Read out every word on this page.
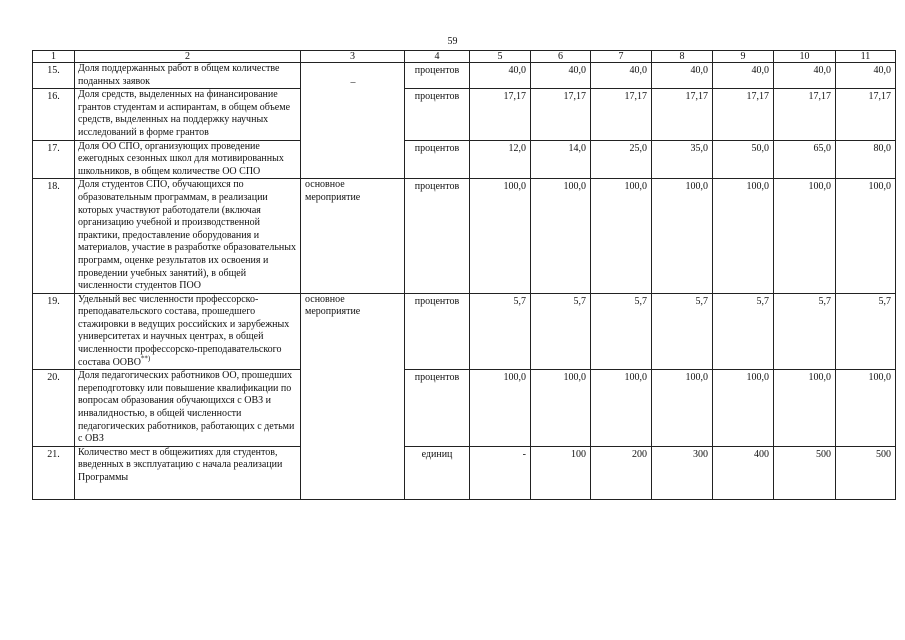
59
1	2	3	4	5	6	7	8	9	10	11
15.	Доля поддержанных работ в общем количестве поданных заявок	–	процентов	40,0	40,0	40,0	40,0	40,0	40,0	40,0
16.	Доля средств, выделенных на финансирование грантов студентам и аспирантам, в общем объеме средств, выделенных на поддержку научных исследований в форме грантов		процентов	17,17	17,17	17,17	17,17	17,17	17,17	17,17
17.	Доля ОО СПО, организующих проведение ежегодных сезонных школ для мотивированных школьников, в общем количестве ОО СПО		процентов	12,0	14,0	25,0	35,0	50,0	65,0	80,0
18.	Доля студентов СПО, обучающихся по образовательным программам, в реализации которых участвуют работодатели (включая организацию учебной и производственной практики, предоставление оборудования и материалов, участие в разработке образовательных программ, оценке результатов их освоения и проведении учебных занятий), в общей численности студентов ПОО	основное мероприятие	процентов	100,0	100,0	100,0	100,0	100,0	100,0	100,0
19.	Удельный вес численности профессорско-преподавательского состава, прошедшего стажировки в ведущих российских и зарубежных университетах и научных центрах, в общей численности профессорско-преподавательского состава ООВО**)	основное мероприятие	процентов	5,7	5,7	5,7	5,7	5,7	5,7	5,7
20.	Доля педагогических работников ОО, прошедших переподготовку или повышение квалификации по вопросам образования обучающихся с ОВЗ и инвалидностью, в общей численности педагогических работников, работающих с детьми с ОВЗ		процентов	100,0	100,0	100,0	100,0	100,0	100,0	100,0
21.	Количество мест в общежитиях для студентов, введенных в эксплуатацию с начала реализации Программы		единиц	-	100	200	300	400	500	500
